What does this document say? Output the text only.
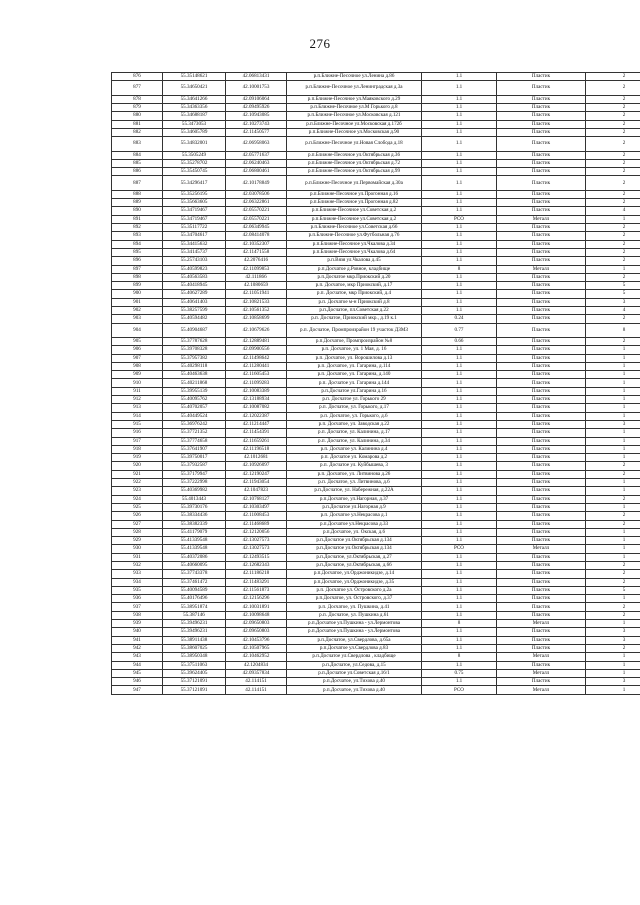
276
876	55.35148621	42.06813431	р.п.Ближне-Песочное ул.Ленина д.86	1.1	Пластик	2
877	55.34650421	42.10001753	р.п.Ближне-Песочное ул.Ленинградская д.3а	1.1	Пластик	2
878	55.34641266	42.09106064	р.п.Ближне-Песочное ул.Маяковского д.29	1.1	Пластик	2
879	55.34363356	42.09495926	р.п.Ближне-Песочное ул.М Горького д.8	1.1	Пластик	2
880	55.34688187	42.10943085	р.п.Ближне-Песочное ул.Московская д.121	1.1	Пластик	2
881	55.3473053	42.10273743	р.п.Ближне-Песочное ул.Московская д.172б	1.1	Пластик	2
882	55.34605789	42.11450577	р.п.Ближне-Песочное ул.Московская д.90	1.1	Пластик	2
883	55.34832001	42.06958063	р.п.Ближне-Песочное ул.Новая Слобода д.18	1.1	Пластик	2
884	55.3505249	42.05771637	р.п.Ближне-Песочное ул.Октябрьская д.36	1.1	Пластик	2
885	55.35278702	42.06240463	р.п.Ближне-Песочное ул.Октябрьская д.72	1.1	Пластик	2
886	55.35450745	42.06800461	р.п.Ближне-Песочное ул.Октябрьская д.99	1.1	Пластик	2
887	55.34296417	42.10178849	р.п.Ближне-Песочное ул.Первомайская д.30а	1.1	Пластик	2
888	55.35256195	42.03078506	р.п.Ближне-Песочное ул.Прогонная д.16	1.1	Пластик	2
889	55.35663605	42.06322861	р.п.Ближне-Песочное ул.Прогонная д.82	1.1	Пластик	2
890	55.34719467	42.05570221	р.п.Ближне-Песочное ул.Советская д.2	1.1	Пластик	4
891	55.34719467	42.05570221	р.п.Ближне-Песочное ул.Советская д.2	РСО	Металл	1
892	55.35117722	42.06349945	р.п.Ближне-Песочное ул.Советская д.66	1.1	Пластик	2
893	55.34704617	42.08414078	р.п.Ближне-Песочное ул.Футбольная д.76	1.1	Пластик	2
894	55.34415632	42.10352307	р.п.Ближне-Песочное ул.Чкалова д.34	1.1	Пластик	2
895	55.34145737	42.11471558	р.п.Ближне-Песочное ул.Чкалова д.64	1.1	Пластик	2
896	55.25743103	42.2076416	р.п.Вязя ул.Чкалова д.45	1.1	Пластик	2
897	55.40599823	42.11099853	р.п.Досчатое д.Ровное, кладбище	8	Металл	1
898	55.40563583	42.111866	р.п.Досчатое мкр.Приокский д.20	1.1	Пластик	2
899	55.40418945	42.1080659	р.п. Досчатое, мкр Приокский, д.17	1.1	Пластик	5
900	55.40627289	42.11051941	р.п. Досчатое, мкр Приокский, д.4	1.1	Пластик	5
901	55.40641403	42.10821533	р.п. Досчатое м-н Приокский д.8	1.1	Пластик	3
902	55.38257599	42.10561352	р.п.Досчатое, пл.Советская д.22	1.1	Пластик	4
903	55.40594482	42.10858699	р.п. Досчатое, Приокский мкр., д.19 к.1	0.24	Пластик	2
904	55.40904687	42.10679626	р.п. Досчатое, Промпроизрайон 19 участок ДЗМЗ	0.77	Пластик	8
905	55.37787628	42.12889481	р.п.Досчатое, Промпроизрайон №8	0.66	Пластик	2
906	55.39708328	42.09900556	р.п. Досчатое, ул. 1 Мая, д. 16	1.1	Пластик	1
907	55.37957382	42.11498642	р.п. Досчатое, ул. Ворошилова д.13	1.1	Пластик	1
908	55.40298118	42.11280441	р.п. Досчатое, ул. Гагарина, д.114	1.1	Пластик	1
909	55.40463638	42.11605453	р.п. Досчатое, ул. Гагарина, д.140	1.1	Пластик	1
910	55.40211868	42.11099283	р.п. Досчатое ул. Гагарина д.144	1.1	Пластик	1
911	55.39955139	42.10083389	р.п.Досчатое ул.Гагарина д.16	1.1	Пластик	1
912	55.40095762	42.13188934	р.п. Досчатое ул. Горького 29	1.1	Пластик	1
913	55.40702057	42.10087082	р.п. Досчатое, ул. Горького, д.17	1.1	Пластик	1
914	55.40449524	42.12022387	р.п. Досчатое, ул. Горького, д.6	1.1	Пластик	1
915	55.36976242	42.11214447	р.п. Досчатое, ул. Заводская д.22	1.1	Пластик	3
916	55.37721352	42.11454391	р.п. Досчатое, ул. Калинина, д.17	1.1	Пластик	1
917	55.37774658	42.11659261	р.п. Досчатое, ул. Калинина, д.34	1.1	Пластик	1
918	55.37641907	42.11196518	р.п. Досчатое ул. Калинина д.4	1.1	Пластик	1
919	55.39750017	42.1012681	р.п. Досчатое ул. Комарова д.2	1.1	Пластик	1
920	55.37932587	42.10926097	р.п. Досчатое ул. Куйбышева, 3	1.1	Пластик	2
921	55.37179947	42.12190247	р.п. Досчатое, ул. Литвинова д.26	1.1	Пластик	2
922	55.37222998	42.11943054	р.п. Досчатое, ул. Литвинова, д.6	1.1	Пластик	1
923	55.40369982	42.1047823	р.п.Досчатое, ул. Набережная, д.22А	1.1	Пластик	1
924	55.4013443	42.10768127	р.п.Досчатое, ул.Нагорная, д.37	1.1	Пластик	2
925	55.39730176	42.10303497	р.п.Досчатое ул.Нагорная д.9	1.1	Пластик	1
926	55.38334436	42.11008453	р.п. Досчатое ул.Некрасова д.1	1.1	Пластик	2
927	55.38382339	42.11468689	р.п.Досчатое ул.Некрасова д.33	1.1	Пластик	2
928	55.41179079	42.12120056	р.п.Досчатое, ул. Окская, д.6	1.1	Пластик	1
929	55.41339548	42.13027573	р.п.Досчатое ул.Октябрьская д.134	1.1	Пластик	1
930	55.41339548	42.13027573	р.п.Досчатое ул.Октябрьская д.134	РСО	Металл	1
931	55.40372086	42.12493515	р.п.Досчатое, ул.Октябрьская, д.27	1.1	Пластик	1
932	55.40660095	42.12682343	р.п.Досчатое, ул.Октябрьская, д.66	1.1	Пластик	2
933	55.37743378	42.11186218	р.п.Досчатое, ул.Орджоникидзе, д.14	1.1	Пластик	2
934	55.37461472	42.11483291	р.п.Досчатое, ул.Орджоникидзе, д.35	1.1	Пластик	2
935	55.40094589	42.11561873	р.п. Досчатое ул. Островского д.2а	1.1	Пластик	5
936	55.40176496	42.12156296	р.п.Досчатое, ул. Островского, д.37	1.1	Пластик	1
937	55.38951874	42.10031891	р.п. Досчатое, ул. Пушкина, д.41	1.1	Пластик	2
938	55.387146	42.10098648	р.п. Досчатое, ул. Пушкина д.61	1.1	Пластик	2
939	55.39496231	42.09650803	р.п.Досчатое ул.Пушкина - ул.Лермонтова	8	Металл	1
940	55.39496231	42.09650803	р.п.Досчатое ул.Пушкина - ул.Лермонтова	1.1	Пластик	3
941	55.38911438	42.10453796	р.п.Досчатое, ул.Свердлова, д.65а	1.1	Пластик	3
942	55.38607025	42.10507965	р.п.Досчатое ул.Свердлова д.83	1.1	Пластик	2
943	55.38950348	42.10462952	р.п.Досчатое ул.Свердлова , кладбище	8	Металл	1
944	55.37511063	42.1204834	р.п.Досчатое, ул.Седова, д.15	1.1	Пластик	1
945	55.39624405	42.09357834	р.п.Досчатое ул.Советская д.16/1	0.75	Металл	1
946	55.37121091	42.114151	р.п.Досчатое, ул.Тихова д.40	1.1	Пластик	3
947	55.37121091	42.114151	р.п.Досчатое, ул.Тихова д.40	РСО	Металл	1
